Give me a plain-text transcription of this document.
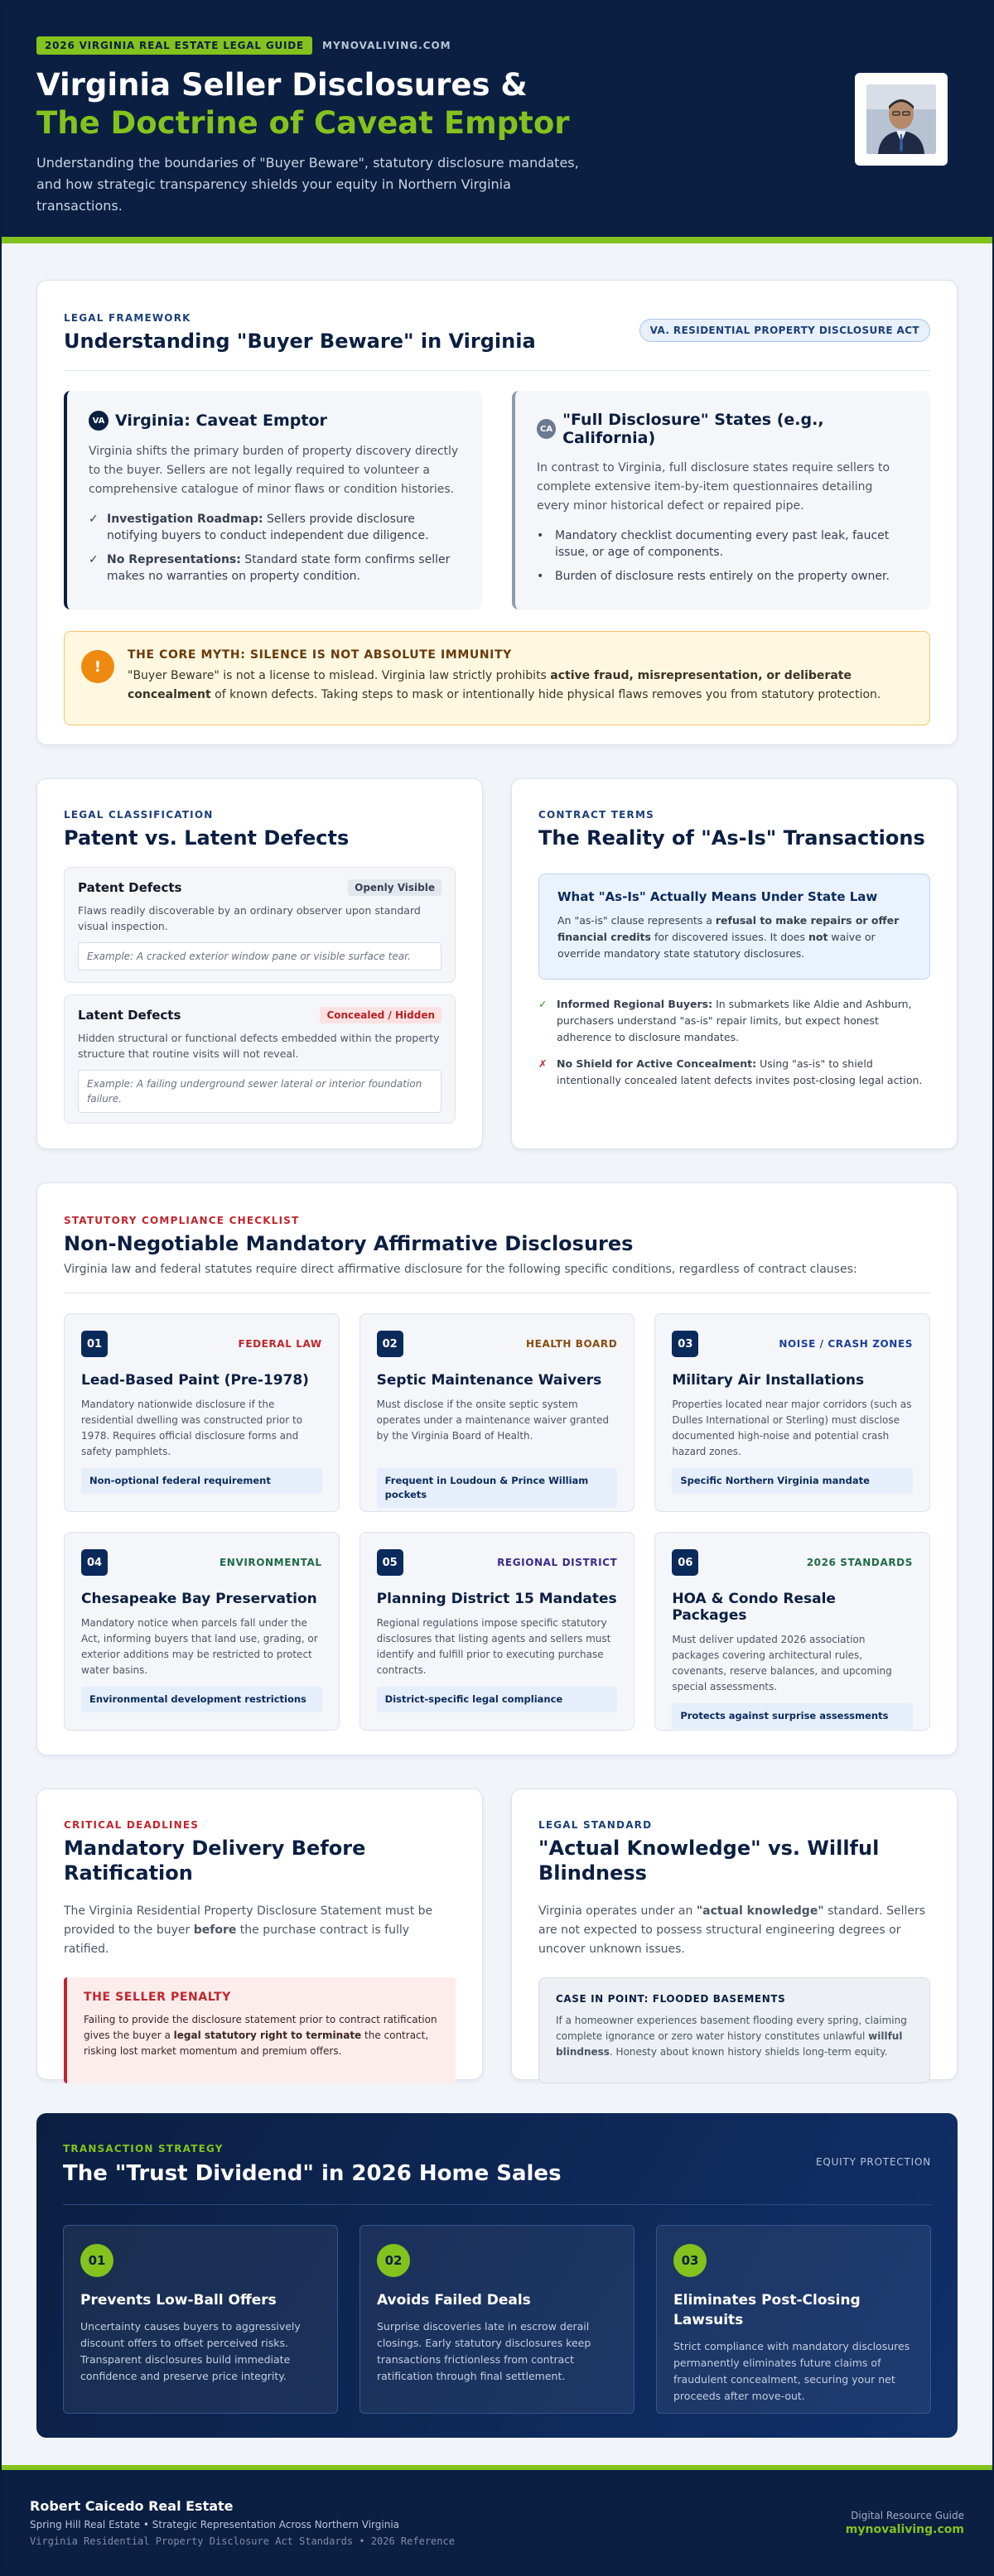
2026 VIRGINIA REAL ESTATE LEGAL GUIDE	MYNOVALIVING.COM
Virginia Seller Disclosures &
The Doctrine of Caveat Emptor

Understanding the boundaries of "Buyer Beware", statutory disclosure mandates, and how strategic transparency shields your equity in Northern Virginia transactions.

LEGAL FRAMEWORK
Understanding "Buyer Beware" in Virginia	VA. RESIDENTIAL PROPERTY DISCLOSURE ACT
VA Virginia: Caveat Emptor

Virginia shifts the primary burden of property discovery directly to the buyer. Sellers are not legally required to volunteer a comprehensive catalogue of minor flaws or condition histories.

✓ Investigation Roadmap: Sellers provide disclosure notifying buyers to conduct independent due diligence.
✓ No Representations: Standard state form confirms seller makes no warranties on property condition.
CA "Full Disclosure" States (e.g., California)

In contrast to Virginia, full disclosure states require sellers to complete extensive item-by-item questionnaires detailing every minor historical defect or repaired pipe.

• Mandatory checklist documenting every past leak, faucet issue, or age of components.
• Burden of disclosure rests entirely on the property owner.
!
THE CORE MYTH: SILENCE IS NOT ABSOLUTE IMMUNITY

"Buyer Beware" is not a license to mislead. Virginia law strictly prohibits active fraud, misrepresentation, or deliberate concealment of known defects. Taking steps to mask or intentionally hide physical flaws removes you from statutory protection.

LEGAL CLASSIFICATION
Patent vs. Latent Defects
Patent Defects	Openly Visible

Flaws readily discoverable by an ordinary observer upon standard visual inspection.

Example: A cracked exterior window pane or visible surface tear.
Latent Defects	Concealed / Hidden

Hidden structural or functional defects embedded within the property structure that routine visits will not reveal.

Example: A failing underground sewer lateral or interior foundation failure.
CONTRACT TERMS
The Reality of "As-Is" Transactions
What "As-Is" Actually Means Under State Law

An "as-is" clause represents a refusal to make repairs or offer financial credits for discovered issues. It does not waive or override mandatory state statutory disclosures.

✓ Informed Regional Buyers: In submarkets like Aldie and Ashburn, purchasers understand "as-is" repair limits, but expect honest adherence to disclosure mandates.
✗ No Shield for Active Concealment: Using "as-is" to shield intentionally concealed latent defects invites post-closing legal action.
STATUTORY COMPLIANCE CHECKLIST
Non-Negotiable Mandatory Affirmative Disclosures

Virginia law and federal statutes require direct affirmative disclosure for the following specific conditions, regardless of contract clauses:

01	FEDERAL LAW
Lead-Based Paint (Pre-1978)

Mandatory nationwide disclosure if the residential dwelling was constructed prior to 1978. Requires official disclosure forms and safety pamphlets.

Non-optional federal requirement
02	HEALTH BOARD
Septic Maintenance Waivers

Must disclose if the onsite septic system operates under a maintenance waiver granted by the Virginia Board of Health.

Frequent in Loudoun & Prince William pockets
03	NOISE / CRASH ZONES
Military Air Installations

Properties located near major corridors (such as Dulles International or Sterling) must disclose documented high-noise and potential crash hazard zones.

Specific Northern Virginia mandate
04	ENVIRONMENTAL
Chesapeake Bay Preservation

Mandatory notice when parcels fall under the Act, informing buyers that land use, grading, or exterior additions may be restricted to protect water basins.

Environmental development restrictions
05	REGIONAL DISTRICT
Planning District 15 Mandates

Regional regulations impose specific statutory disclosures that listing agents and sellers must identify and fulfill prior to executing purchase contracts.

District-specific legal compliance
06	2026 STANDARDS
HOA & Condo Resale Packages

Must deliver updated 2026 association packages covering architectural rules, covenants, reserve balances, and upcoming special assessments.

Protects against surprise assessments
CRITICAL DEADLINES
Mandatory Delivery Before Ratification

The Virginia Residential Property Disclosure Statement must be provided to the buyer before the purchase contract is fully ratified.

THE SELLER PENALTY

Failing to provide the disclosure statement prior to contract ratification gives the buyer a legal statutory right to terminate the contract, risking lost market momentum and premium offers.

LEGAL STANDARD
"Actual Knowledge" vs. Willful Blindness

Virginia operates under an "actual knowledge" standard. Sellers are not expected to possess structural engineering degrees or uncover unknown issues.

CASE IN POINT: FLOODED BASEMENTS

If a homeowner experiences basement flooding every spring, claiming complete ignorance or zero water history constitutes unlawful willful blindness. Honesty about known history shields long-term equity.

TRANSACTION STRATEGY
The "Trust Dividend" in 2026 Home Sales	EQUITY PROTECTION
01
Prevents Low-Ball Offers

Uncertainty causes buyers to aggressively discount offers to offset perceived risks. Transparent disclosures build immediate confidence and preserve price integrity.

02
Avoids Failed Deals

Surprise discoveries late in escrow derail closings. Early statutory disclosures keep transactions frictionless from contract ratification through final settlement.

03
Eliminates Post-Closing Lawsuits

Strict compliance with mandatory disclosures permanently eliminates future claims of fraudulent concealment, securing your net proceeds after move-out.

Robert Caicedo Real Estate
Spring Hill Real Estate • Strategic Representation Across Northern Virginia
Virginia Residential Property Disclosure Act Standards • 2026 Reference
Digital Resource Guide
mynovaliving.com
